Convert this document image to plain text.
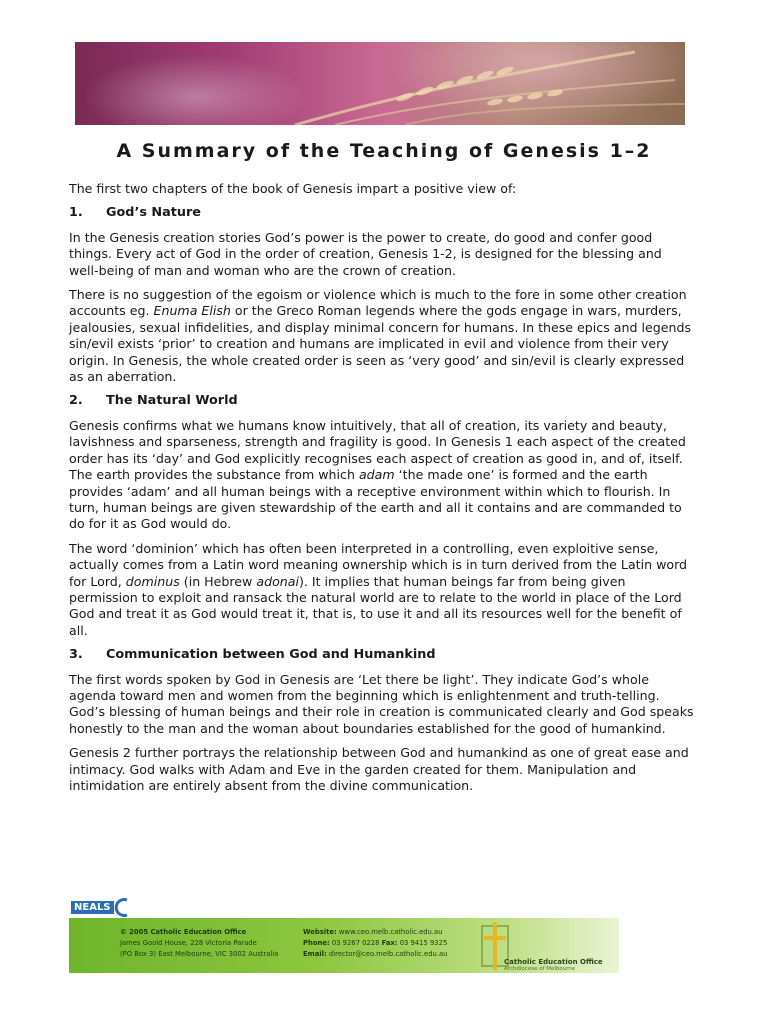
A Summary of the Teaching of Genesis 1–2

The first two chapters of the book of Genesis impart a positive view of:

1. God’s Nature

In the Genesis creation stories God’s power is the power to create, do good and confer good things. Every act of God in the order of creation, Genesis 1-2, is designed for the blessing and well-being of man and woman who are the crown of creation.

There is no suggestion of the egoism or violence which is much to the fore in some other creation accounts eg. Enuma Elish or the Greco Roman legends where the gods engage in wars, murders, jealousies, sexual infidelities, and display minimal concern for humans. In these epics and legends sin/evil exists ‘prior’ to creation and humans are implicated in evil and violence from their very origin. In Genesis, the whole created order is seen as ‘very good’ and sin/evil is clearly expressed as an aberration.

2. The Natural World

Genesis confirms what we humans know intuitively, that all of creation, its variety and beauty, lavishness and sparseness, strength and fragility is good. In Genesis 1 each aspect of the created order has its ‘day’ and God explicitly recognises each aspect of creation as good in, and of, itself. The earth provides the substance from which adam ‘the made one’ is formed and the earth provides ‘adam’ and all human beings with a receptive environment within which to flourish. In turn, human beings are given stewardship of the earth and all it contains and are commanded to do for it as God would do.

The word ‘dominion’ which has often been interpreted in a controlling, even exploitive sense, actually comes from a Latin word meaning ownership which is in turn derived from the Latin word for Lord, dominus (in Hebrew adonai). It implies that human beings far from being given permission to exploit and ransack the natural world are to relate to the world in place of the Lord God and treat it as God would treat it, that is, to use it and all its resources well for the benefit of all.

3. Communication between God and Humankind

The first words spoken by God in Genesis are ‘Let there be light’. They indicate God’s whole agenda toward men and women from the beginning which is enlightenment and truth-telling. God’s blessing of human beings and their role in creation is communicated clearly and God speaks honestly to the man and the woman about boundaries established for the good of humankind.

Genesis 2 further portrays the relationship between God and humankind as one of great ease and intimacy. God walks with Adam and Eve in the garden created for them. Manipulation and intimidation are entirely absent from the divine communication.

NEALS
© 2005 Catholic Education Office
James Goold House, 228 Victoria Parade
(PO Box 3) East Melbourne, VIC 3002 Australia
Website: www.ceo.melb.catholic.edu.au
Phone: 03 9267 0228 Fax: 03 9415 9325
Email: director@ceo.melb.catholic.edu.au
Catholic Education Office
Archdiocese of Melbourne
